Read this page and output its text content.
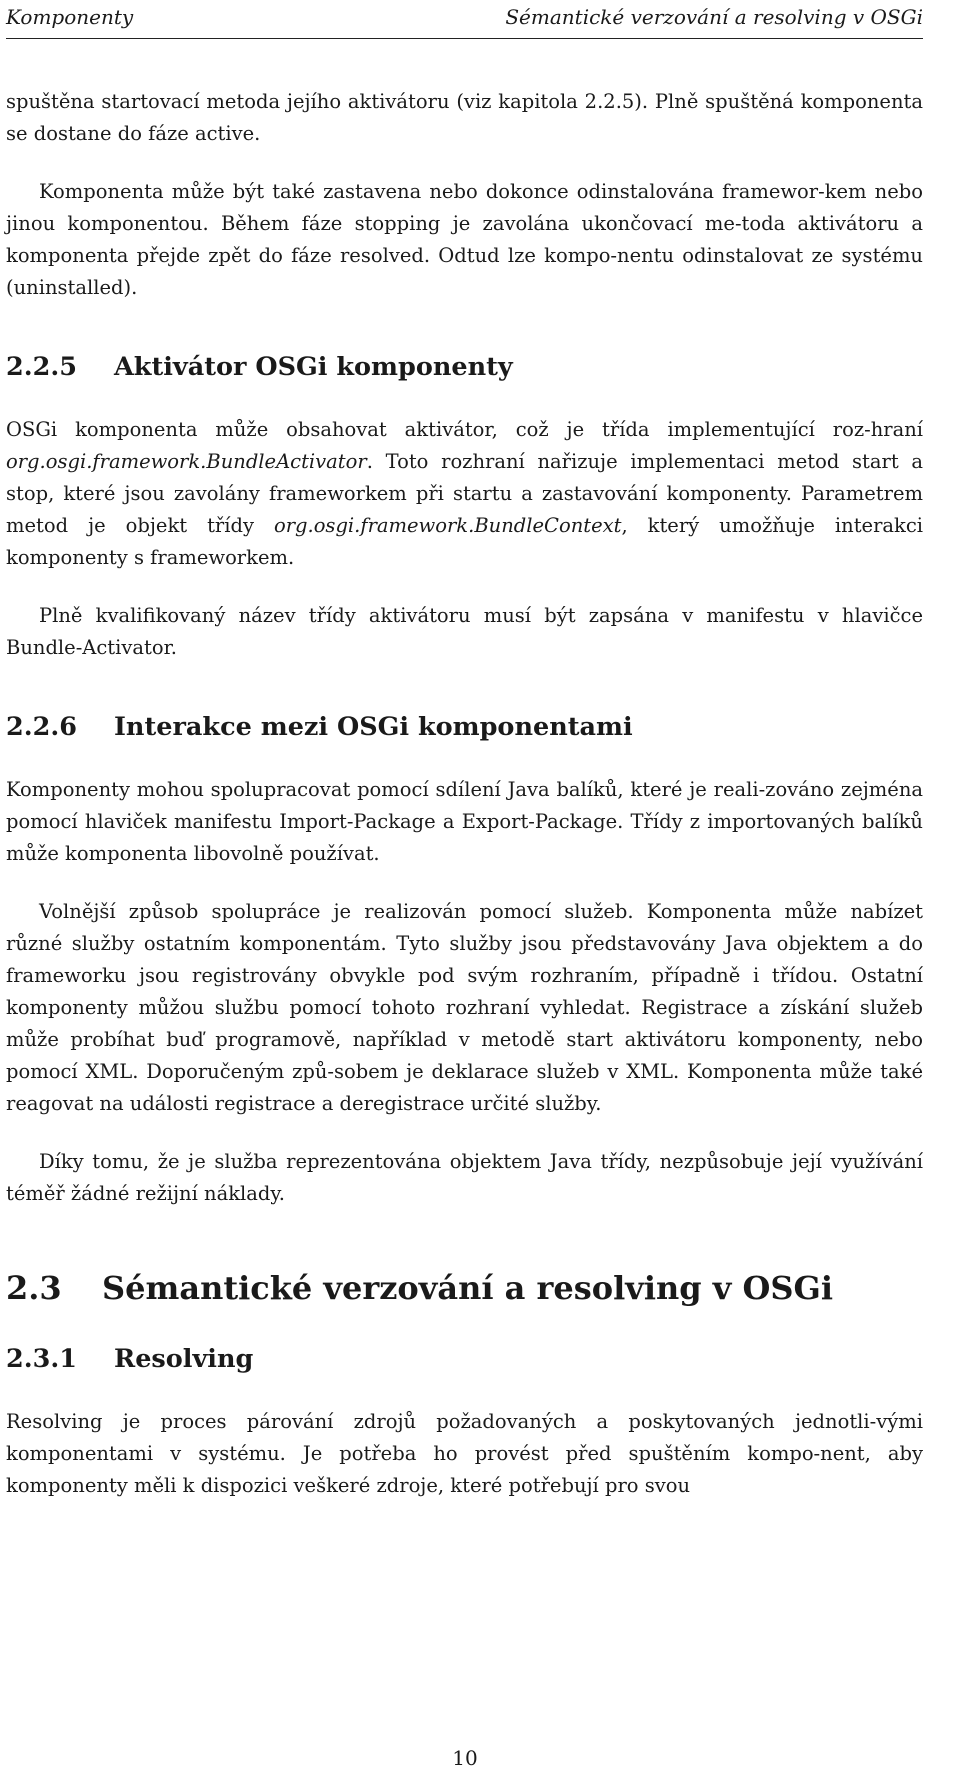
Komponenty	Sémantické verzování a resolving v OSGi

spuštěna startovací metoda jejího aktivátoru (viz kapitola 2.2.5). Plně spuštěná komponenta se dostane do fáze active.

Komponenta může být také zastavena nebo dokonce odinstalována framewor-kem nebo jinou komponentou. Během fáze stopping je zavolána ukončovací me-toda aktivátoru a komponenta přejde zpět do fáze resolved. Odtud lze kompo-nentu odinstalovat ze systému (uninstalled).

2.2.5 Aktivátor OSGi komponenty

OSGi komponenta může obsahovat aktivátor, což je třída implementující roz-hraní org.osgi.framework.BundleActivator. Toto rozhraní nařizuje implementaci metod start a stop, které jsou zavolány frameworkem při startu a zastavování komponenty. Parametrem metod je objekt třídy org.osgi.framework.BundleContext, který umožňuje interakci komponenty s frameworkem.

Plně kvalifikovaný název třídy aktivátoru musí být zapsána v manifestu v hlavičce Bundle-Activator.

2.2.6 Interakce mezi OSGi komponentami

Komponenty mohou spolupracovat pomocí sdílení Java balíků, které je reali-zováno zejména pomocí hlaviček manifestu Import-Package a Export-Package. Třídy z importovaných balíků může komponenta libovolně používat.

Volnější způsob spolupráce je realizován pomocí služeb. Komponenta může nabízet různé služby ostatním komponentám. Tyto služby jsou představovány Java objektem a do frameworku jsou registrovány obvykle pod svým rozhraním, případně i třídou. Ostatní komponenty můžou službu pomocí tohoto rozhraní vyhledat. Registrace a získání služeb může probíhat buď programově, například v metodě start aktivátoru komponenty, nebo pomocí XML. Doporučeným způ-sobem je deklarace služeb v XML. Komponenta může také reagovat na události registrace a deregistrace určité služby.

Díky tomu, že je služba reprezentována objektem Java třídy, nezpůsobuje její využívání téměř žádné režijní náklady.

2.3 Sémantické verzování a resolving v OSGi
2.3.1 Resolving

Resolving je proces párování zdrojů požadovaných a poskytovaných jednotli-vými komponentami v systému. Je potřeba ho provést před spuštěním kompo-nent, aby komponenty měli k dispozici veškeré zdroje, které potřebují pro svou

10
